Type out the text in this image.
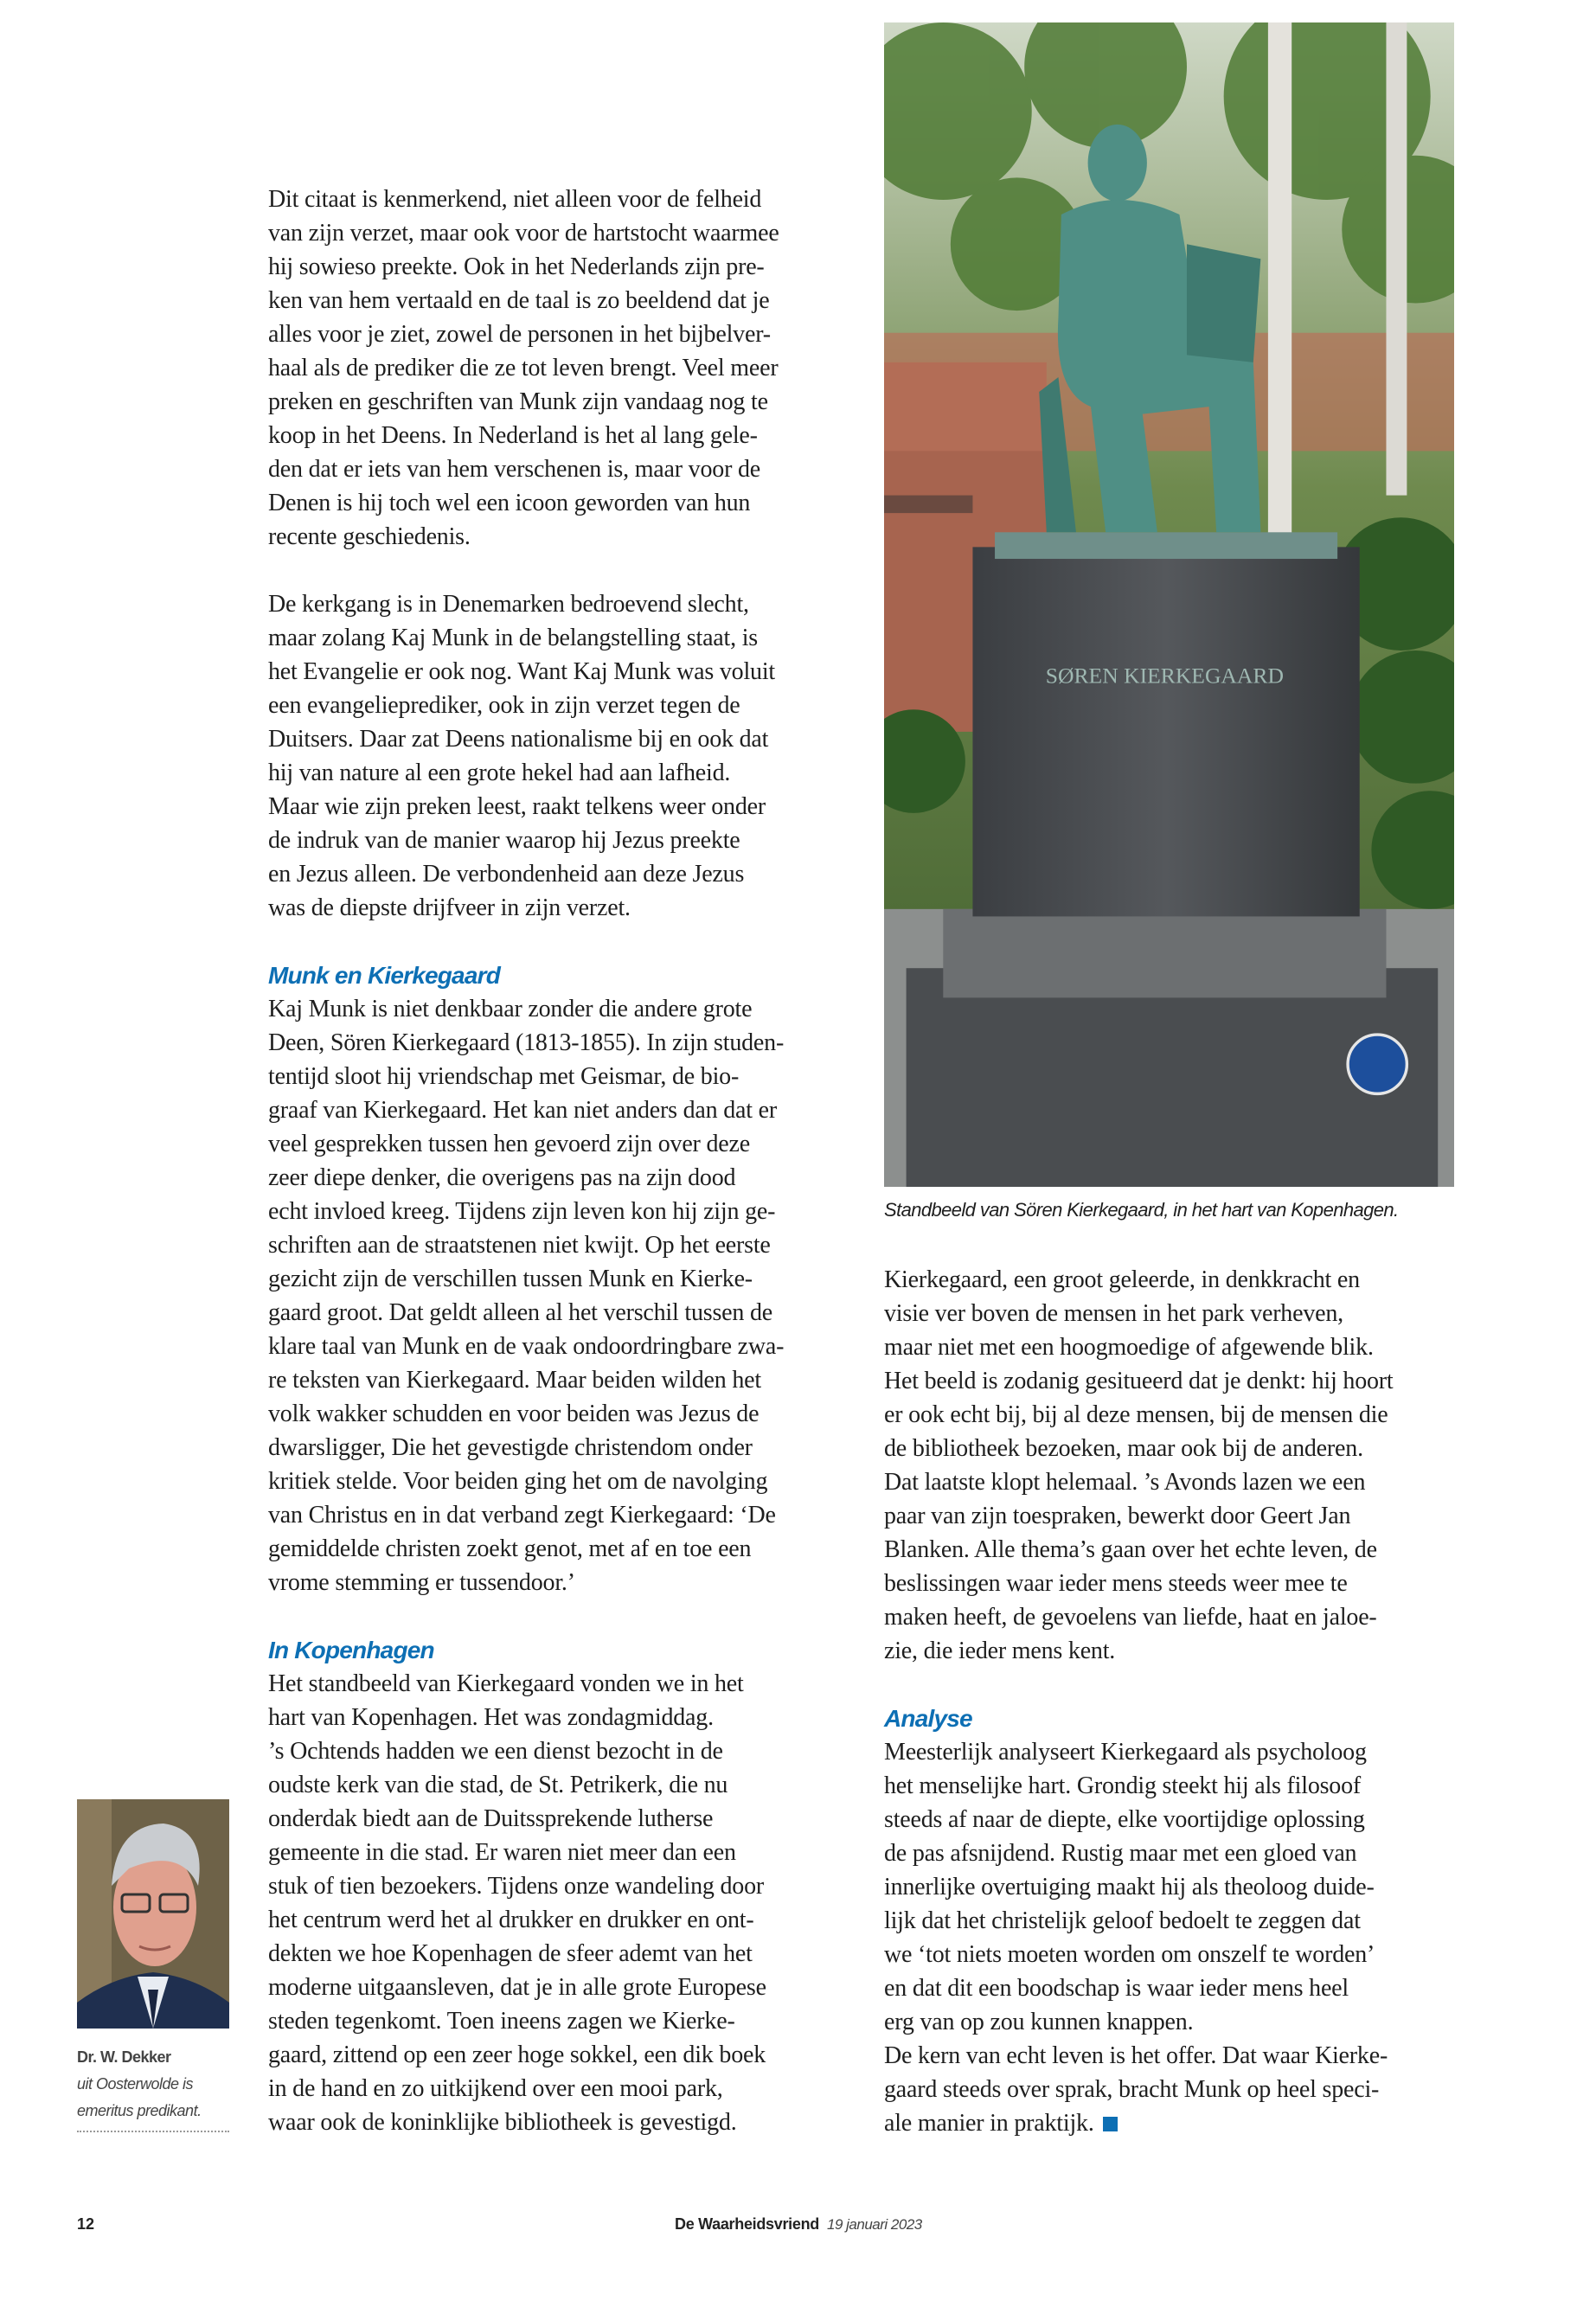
Dit citaat is kenmerkend, niet alleen voor de felheid
van zijn verzet, maar ook voor de hartstocht waarmee
hij sowieso preekte. Ook in het Nederlands zijn pre-
ken van hem vertaald en de taal is zo beeldend dat je
alles voor je ziet, zowel de personen in het bijbelver-
haal als de prediker die ze tot leven brengt. Veel meer
preken en geschriften van Munk zijn vandaag nog te
koop in het Deens. In Nederland is het al lang gele-
den dat er iets van hem verschenen is, maar voor de
Denen is hij toch wel een icoon geworden van hun
recente geschiedenis.
De kerkgang is in Denemarken bedroevend slecht,
maar zolang Kaj Munk in de belangstelling staat, is
het Evangelie er ook nog. Want Kaj Munk was voluit
een evangelieprediker, ook in zijn verzet tegen de
Duitsers. Daar zat Deens nationalisme bij en ook dat
hij van nature al een grote hekel had aan lafheid.
Maar wie zijn preken leest, raakt telkens weer onder
de indruk van de manier waarop hij Jezus preekte
en Jezus alleen. De verbondenheid aan deze Jezus
was de diepste drijfveer in zijn verzet.
Munk en Kierkegaard
Kaj Munk is niet denkbaar zonder die andere grote
Deen, Sören Kierkegaard (1813-1855). In zijn studen-
tentijd sloot hij vriendschap met Geismar, de bio-
graaf van Kierkegaard. Het kan niet anders dan dat er
veel gesprekken tussen hen gevoerd zijn over deze
zeer diepe denker, die overigens pas na zijn dood
echt invloed kreeg. Tijdens zijn leven kon hij zijn ge-
schriften aan de straatstenen niet kwijt. Op het eerste
gezicht zijn de verschillen tussen Munk en Kierke-
gaard groot. Dat geldt alleen al het verschil tussen de
klare taal van Munk en de vaak ondoordringbare zwa-
re teksten van Kierkegaard. Maar beiden wilden het
volk wakker schudden en voor beiden was Jezus de
dwarsligger, Die het gevestigde christendom onder
kritiek stelde. Voor beiden ging het om de navolging
van Christus en in dat verband zegt Kierkegaard: ‘De
gemiddelde christen zoekt genot, met af en toe een
vrome stemming er tussendoor.’
In Kopenhagen
Het standbeeld van Kierkegaard vonden we in het
hart van Kopenhagen. Het was zondagmiddag.
’s Ochtends hadden we een dienst bezocht in de
oudste kerk van die stad, de St. Petrikerk, die nu
onderdak biedt aan de Duitssprekende lutherse
gemeente in die stad. Er waren niet meer dan een
stuk of tien bezoekers. Tijdens onze wandeling door
het centrum werd het al drukker en drukker en ont-
dekten we hoe Kopenhagen de sfeer ademt van het
moderne uitgaansleven, dat je in alle grote Europese
steden tegenkomt. Toen ineens zagen we Kierke-
gaard, zittend op een zeer hoge sokkel, een dik boek
in de hand en zo uitkijkend over een mooi park,
waar ook de koninklijke bibliotheek is gevestigd.
SØREN KIERKEGAARD
Standbeeld van Sören Kierkegaard, in het hart van Kopenhagen.
Kierkegaard, een groot geleerde, in denkkracht en
visie ver boven de mensen in het park verheven,
maar niet met een hoogmoedige of afgewende blik.
Het beeld is zodanig gesitueerd dat je denkt: hij hoort
er ook echt bij, bij al deze mensen, bij de mensen die
de bibliotheek bezoeken, maar ook bij de anderen.
Dat laatste klopt helemaal. ’s Avonds lazen we een
paar van zijn toespraken, bewerkt door Geert Jan
Blanken. Alle thema’s gaan over het echte leven, de
beslissingen waar ieder mens steeds weer mee te
maken heeft, de gevoelens van liefde, haat en jaloe-
zie, die ieder mens kent.
Analyse
Meesterlijk analyseert Kierkegaard als psycholoog
het menselijke hart. Grondig steekt hij als filosoof
steeds af naar de diepte, elke voortijdige oplossing
de pas afsnijdend. Rustig maar met een gloed van
innerlijke overtuiging maakt hij als theoloog duide-
lijk dat het christelijk geloof bedoelt te zeggen dat
we ‘tot niets moeten worden om onszelf te worden’
en dat dit een boodschap is waar ieder mens heel
erg van op zou kunnen knappen.
De kern van echt leven is het offer. Dat waar Kierke-
gaard steeds over sprak, bracht Munk op heel speci-
ale manier in praktijk.
Dr. W. Dekker
uit Oosterwolde is
emeritus predikant.
12	De Waarheidsvriend 19 januari 2023
